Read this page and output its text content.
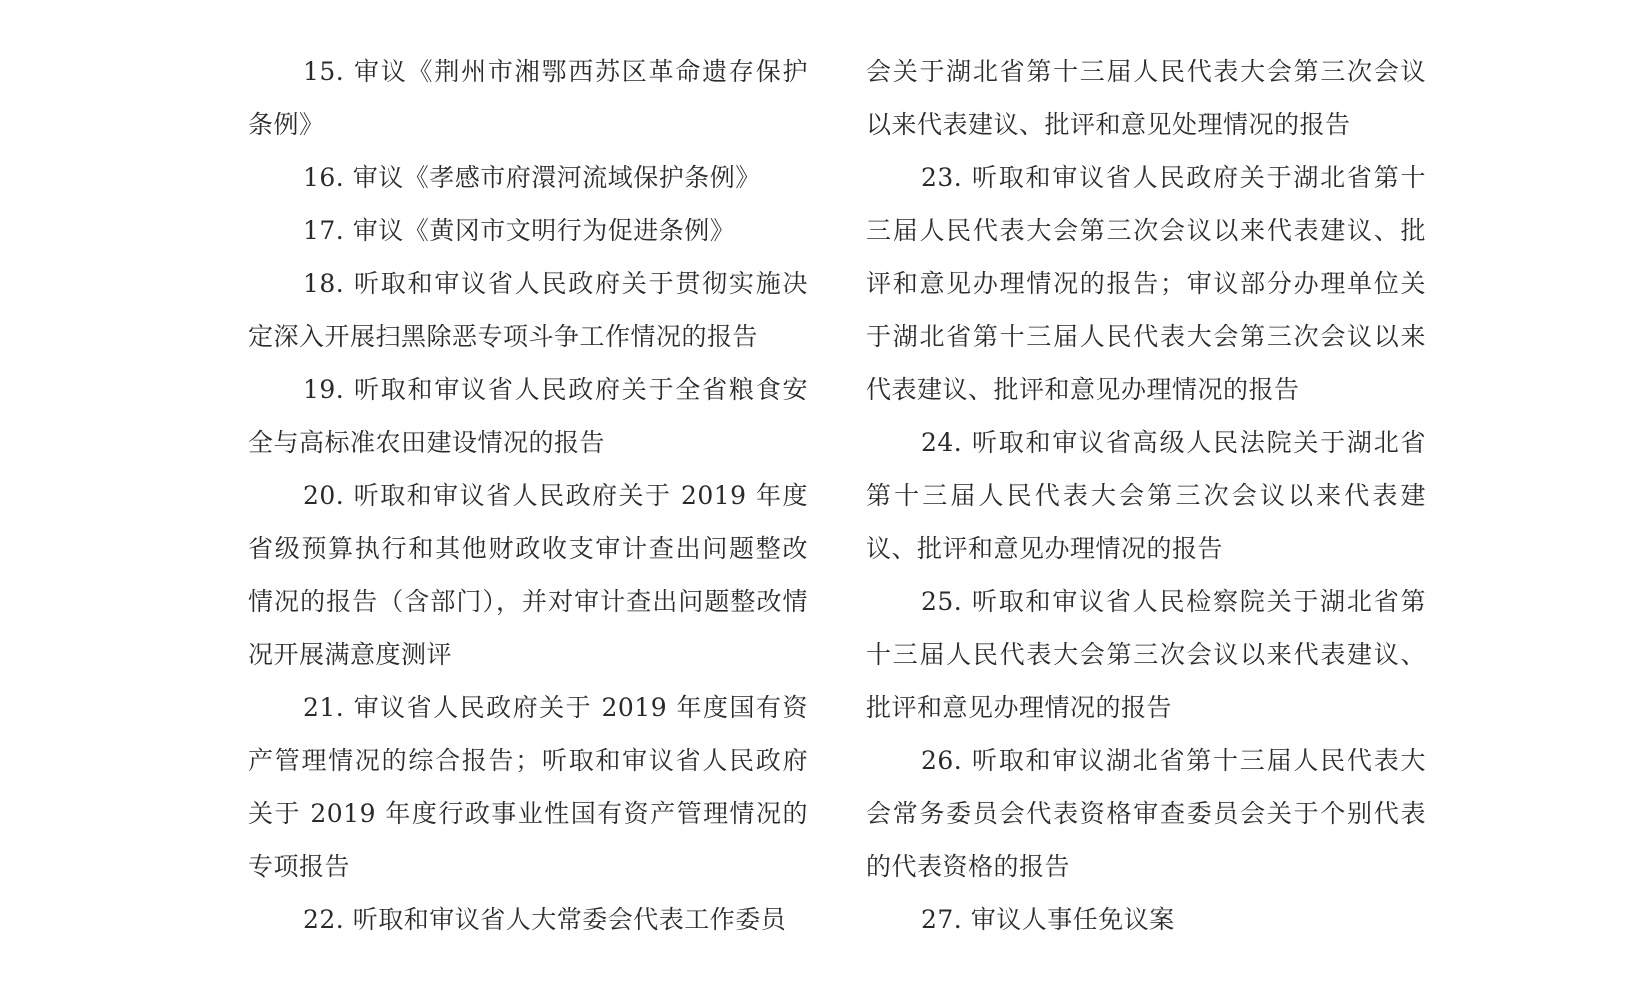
15. 审议《荆州市湘鄂西苏区革命遗存保护条例》

16. 审议《孝感市府澴河流域保护条例》

17. 审议《黄冈市文明行为促进条例》

18. 听取和审议省人民政府关于贯彻实施决定深入开展扫黑除恶专项斗争工作情况的报告

19. 听取和审议省人民政府关于全省粮食安全与高标准农田建设情况的报告

20. 听取和审议省人民政府关于 2019 年度省级预算执行和其他财政收支审计查出问题整改情况的报告（含部门），并对审计查出问题整改情况开展满意度测评

21. 审议省人民政府关于 2019 年度国有资产管理情况的综合报告；听取和审议省人民政府关于 2019 年度行政事业性国有资产管理情况的专项报告

22. 听取和审议省人大常委会代表工作委员

会关于湖北省第十三届人民代表大会第三次会议以来代表建议、批评和意见处理情况的报告

23. 听取和审议省人民政府关于湖北省第十三届人民代表大会第三次会议以来代表建议、批评和意见办理情况的报告；审议部分办理单位关于湖北省第十三届人民代表大会第三次会议以来代表建议、批评和意见办理情况的报告

24. 听取和审议省高级人民法院关于湖北省第十三届人民代表大会第三次会议以来代表建议、批评和意见办理情况的报告

25. 听取和审议省人民检察院关于湖北省第十三届人民代表大会第三次会议以来代表建议、批评和意见办理情况的报告

26. 听取和审议湖北省第十三届人民代表大会常务委员会代表资格审查委员会关于个别代表的代表资格的报告

27. 审议人事任免议案
